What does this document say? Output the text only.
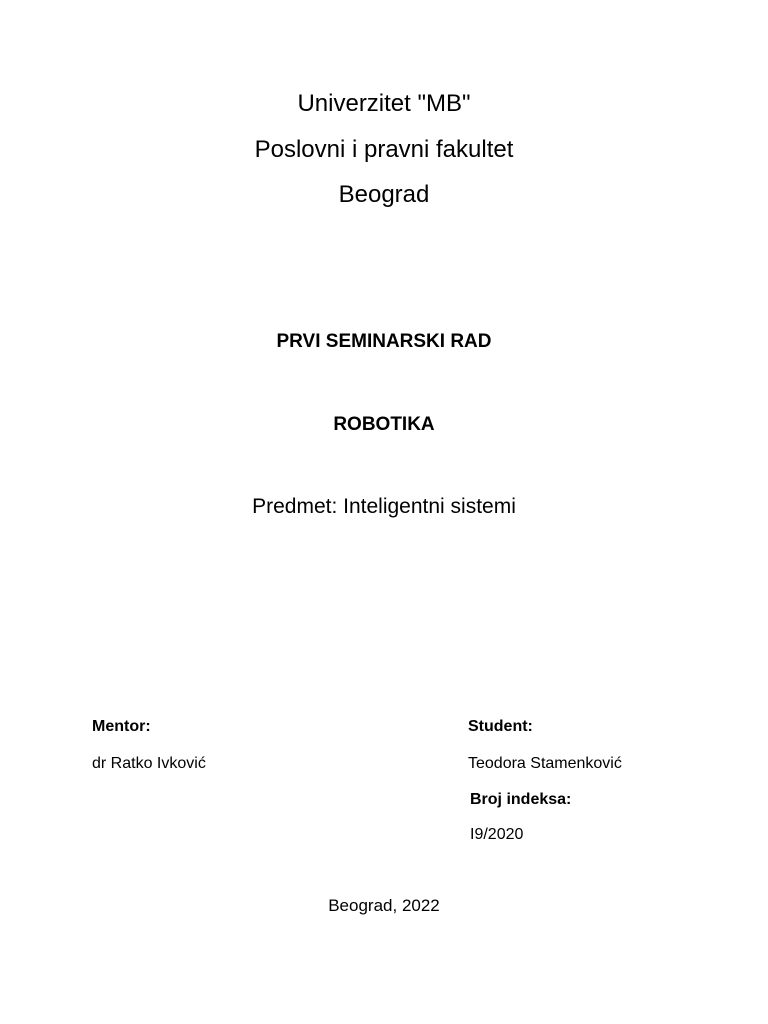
Univerzitet "MB"
Poslovni i pravni fakultet
Beograd
PRVI SEMINARSKI RAD
ROBOTIKA
Predmet: Inteligentni sistemi
Mentor:
dr Ratko Ivković
Student:
Teodora Stamenković
Broj indeksa:
I9/2020
Beograd, 2022
